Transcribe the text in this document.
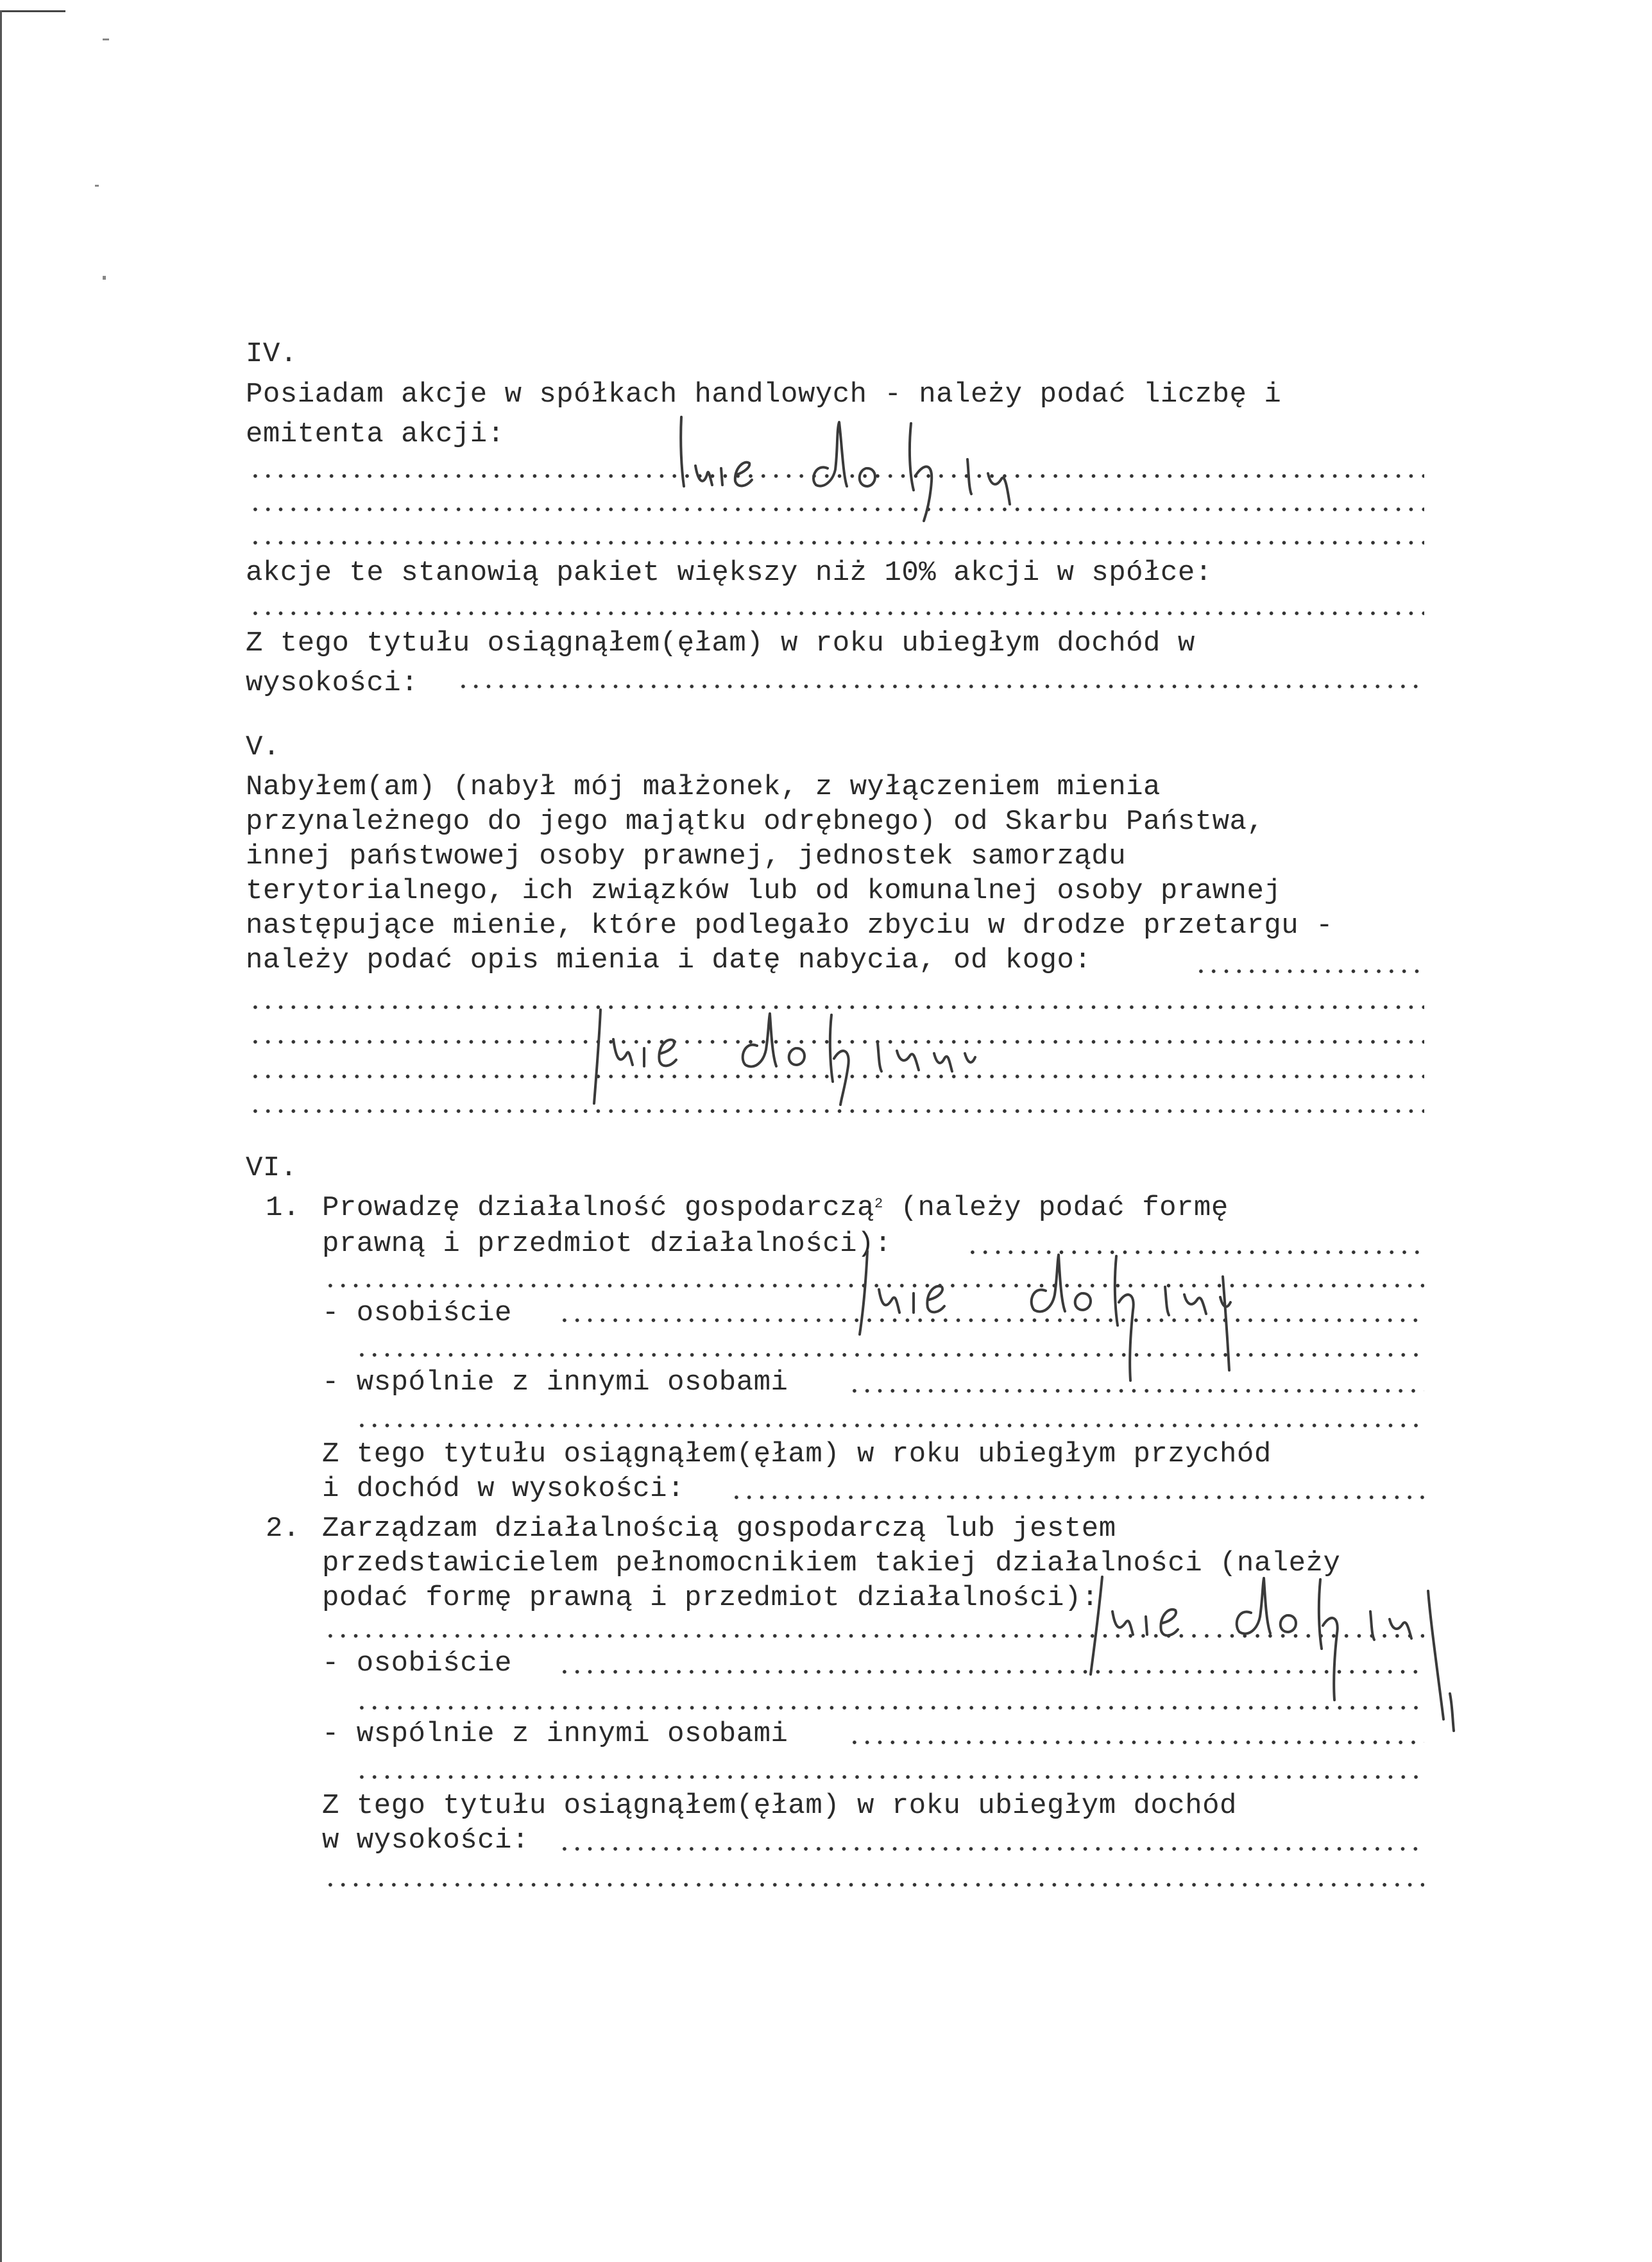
IV.
Posiadam akcje w spółkach handlowych - należy podać liczbę i
emitenta akcji:
akcje te stanowią pakiet większy niż 10% akcji w spółce:
Z tego tytułu osiągnąłem(ęłam) w roku ubiegłym dochód w
wysokości:
V.
Nabyłem(am) (nabył mój małżonek, z wyłączeniem mienia
przynależnego do jego majątku odrębnego) od Skarbu Państwa,
innej państwowej osoby prawnej, jednostek samorządu
terytorialnego, ich związków lub od komunalnej osoby prawnej
następujące mienie, które podlegało zbyciu w drodze przetargu -
należy podać opis mienia i datę nabycia, od kogo:
VI.
1. Prowadzę działalność gospodarczą$^2$ (należy podać formę
prawną i przedmiot działalności):
- osobiście
- wspólnie z innymi osobami
Z tego tytułu osiągnąłem(ęłam) w roku ubiegłym przychód
i dochód w wysokości:
2. Zarządzam działalnością gospodarczą lub jestem
przedstawicielem pełnomocnikiem takiej działalności (należy
podać formę prawną i przedmiot działalności):
- osobiście
- wspólnie z innymi osobami
Z tego tytułu osiągnąłem(ęłam) w roku ubiegłym dochód
w wysokości:
